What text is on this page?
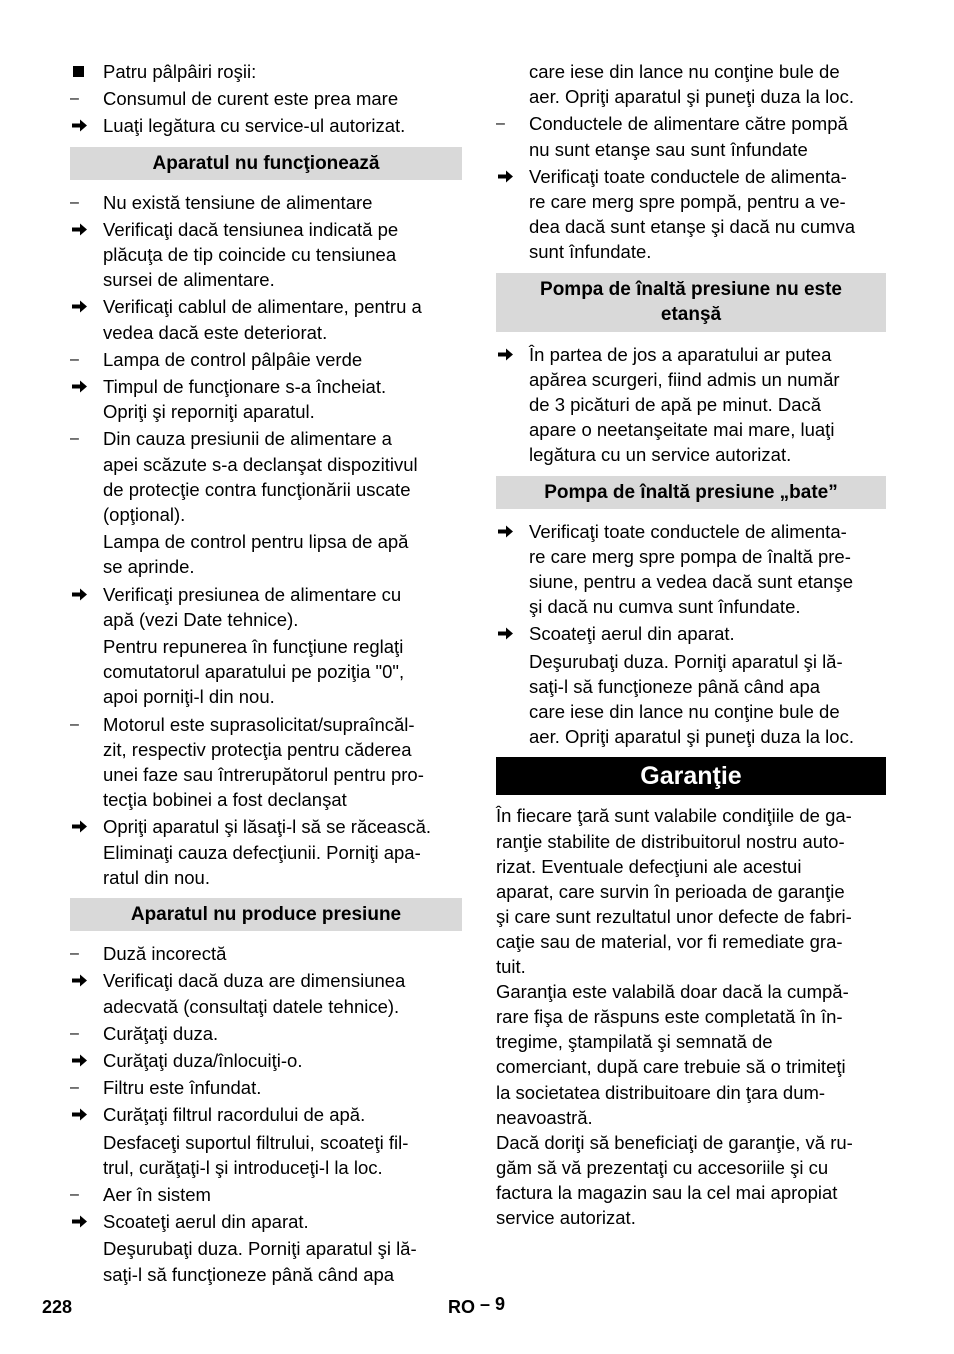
Patru pâlpâiri roşii:
–	Consumul de curent este prea mare
Luaţi legătura cu service-ul autorizat.
Aparatul nu funcţionează
–	Nu există tensiune de alimentare
Verificaţi dacă tensiunea indicată pe
plăcuţa de tip coincide cu tensiunea
sursei de alimentare.
Verificaţi cablul de alimentare, pentru a
vedea dacă este deteriorat.
–	Lampa de control pâlpâie verde
Timpul de funcţionare s-a încheiat.
Opriţi şi reporniţi aparatul.
–	Din cauza presiunii de alimentare a
apei scăzute s-a declanşat dispozitivul
de protecţie contra funcţionării uscate
(opţional).
Lampa de control pentru lipsa de apă
se aprinde.
Verificaţi presiunea de alimentare cu
apă (vezi Date tehnice).
Pentru repunerea în funcţiune reglaţi
comutatorul aparatului pe poziţia "0",
apoi porniţi-l din nou.
–	Motorul este suprasolicitat/supraîncăl-
zit, respectiv protecţia pentru căderea
unei faze sau întrerupătorul pentru pro-
tecţia bobinei a fost declanşat
Opriţi aparatul şi lăsaţi-l să se răcească.
Eliminaţi cauza defecţiunii. Porniţi apa-
ratul din nou.
Aparatul nu produce presiune
–	Duză incorectă
Verificaţi dacă duza are dimensiunea
adecvată (consultaţi datele tehnice).
–	Curăţaţi duza.
Curăţaţi duza/înlocuiţi-o.
–	Filtru este înfundat.
Curăţaţi filtrul racordului de apă.
Desfaceţi suportul filtrului, scoateţi fil-
trul, curăţaţi-l şi introduceţi-l la loc.
–	Aer în sistem
Scoateţi aerul din aparat.
Deşurubaţi duza. Porniţi aparatul şi lă-
saţi-l să funcţioneze până când apa
care iese din lance nu conţine bule de
aer. Opriţi aparatul şi puneţi duza la loc.
–	Conductele de alimentare către pompă
nu sunt etanşe sau sunt înfundate
Verificaţi toate conductele de alimenta-
re care merg spre pompă, pentru a ve-
dea dacă sunt etanşe şi dacă nu cumva
sunt înfundate.
Pompa de înaltă presiune nu este
etanşă
În partea de jos a aparatului ar putea
apărea scurgeri, fiind admis un număr
de 3 picături de apă pe minut. Dacă
apare o neetanşeitate mai mare, luaţi
legătura cu un service autorizat.
Pompa de înaltă presiune „bate”
Verificaţi toate conductele de alimenta-
re care merg spre pompa de înaltă pre-
siune, pentru a vedea dacă sunt etanşe
şi dacă nu cumva sunt înfundate.
Scoateţi aerul din aparat.
Deşurubaţi duza. Porniţi aparatul şi lă-
saţi-l să funcţioneze până când apa
care iese din lance nu conţine bule de
aer. Opriţi aparatul şi puneţi duza la loc.
Garanţie
În fiecare ţară sunt valabile condiţiile de ga-
ranţie stabilite de distribuitorul nostru auto-
rizat. Eventuale defecţiuni ale acestui
aparat, care survin în perioada de garanţie
şi care sunt rezultatul unor defecte de fabri-
caţie sau de material, vor fi remediate gra-
tuit.
Garanţia este valabilă doar dacă la cumpă-
rare fişa de răspuns este completată în în-
tregime, ştampilată şi semnată de
comerciant, după care trebuie să o trimiteţi
la societatea distribuitoare din ţara dum-
neavoastră.
Dacă doriţi să beneficiaţi de garanţie, vă ru-
găm să vă prezentaţi cu accesoriile şi cu
factura la magazin sau la cel mai apropiat
service autorizat.
228	RO – 9
